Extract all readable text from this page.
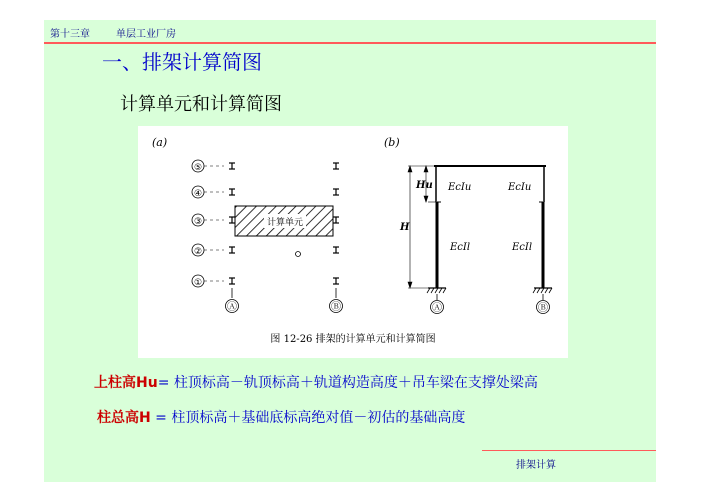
第十三章	单层工业厂房
一、排架计算简图
计算单元和计算简图
(a)
①
②
③
④
⑤
计算单元
Ⓐ	Ⓑ
(b)
Hu
H
EcIu	EcIu
EcIl	EcIl
Ⓐ	Ⓑ
图 12-26 排架的计算单元和计算简图
上柱高Hu= 柱顶标高－轨顶标高＋轨道构造高度＋吊车梁在支撑处梁高
柱总高H = 柱顶标高＋基础底标高绝对值－初估的基础高度
排架计算
